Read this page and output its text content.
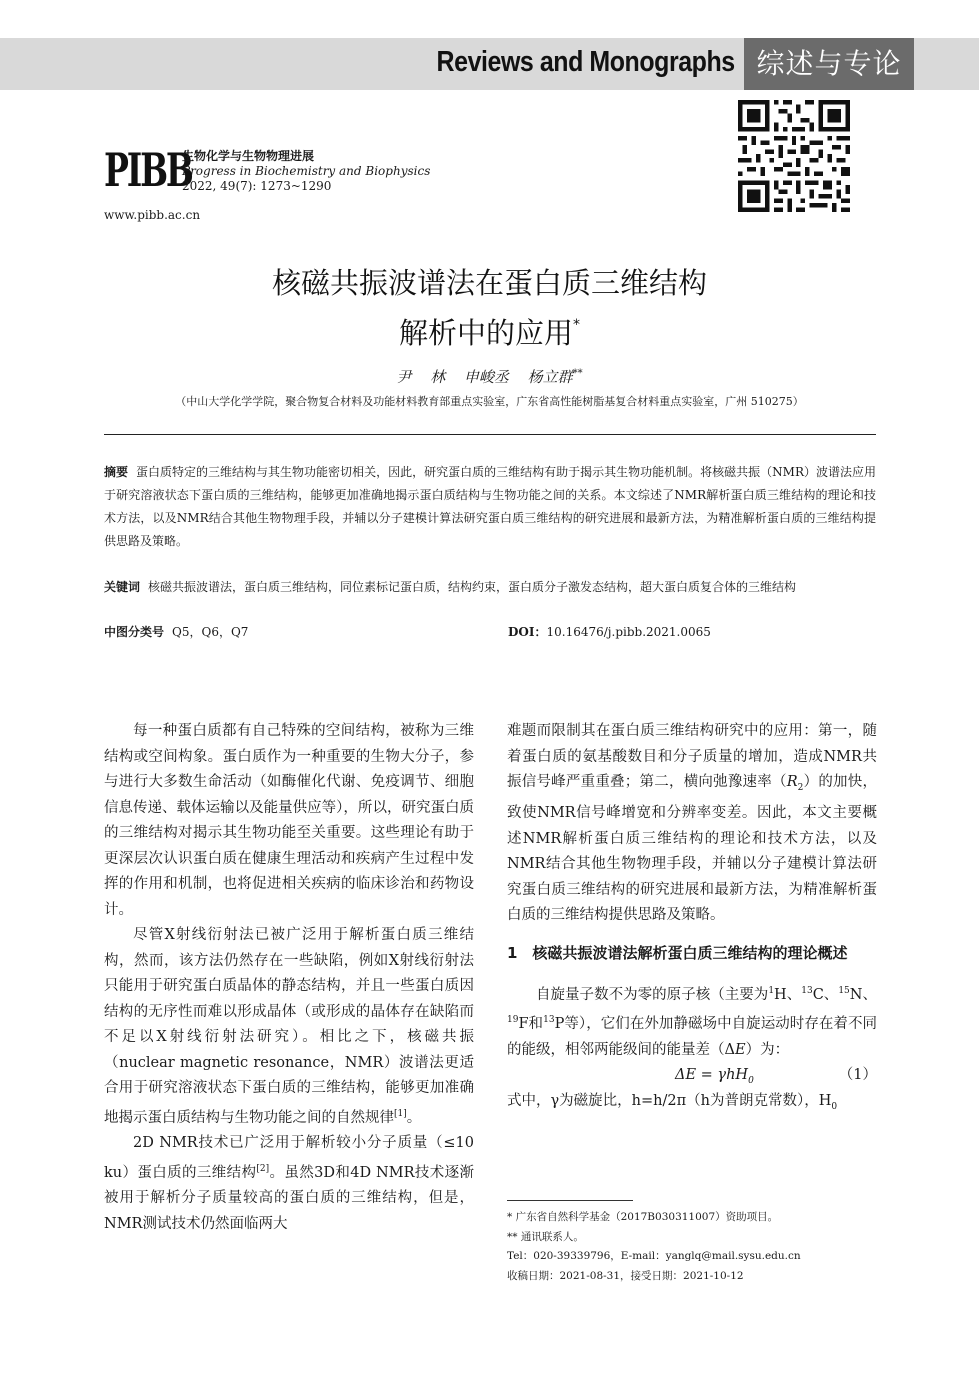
Reviews and Monographs 综述与专论
PIBB
生物化学与生物物理进展
Progress in Biochemistry and Biophysics
2022, 49(7): 1273~1290
www.pibb.ac.cn
核磁共振波谱法在蛋白质三维结构
解析中的应用*
尹 林 申峻丞 杨立群**
（中山大学化学学院，聚合物复合材料及功能材料教育部重点实验室，广东省高性能树脂基复合材料重点实验室，广州 510275）
摘要 蛋白质特定的三维结构与其生物功能密切相关，因此，研究蛋白质的三维结构有助于揭示其生物功能机制。将核磁共振（NMR）波谱法应用于研究溶液状态下蛋白质的三维结构，能够更加准确地揭示蛋白质结构与生物功能之间的关系。本文综述了NMR解析蛋白质三维结构的理论和技术方法，以及NMR结合其他生物物理手段，并辅以分子建模计算法研究蛋白质三维结构的研究进展和最新方法，为精准解析蛋白质的三维结构提供思路及策略。
关键词 核磁共振波谱法，蛋白质三维结构，同位素标记蛋白质，结构约束，蛋白质分子激发态结构，超大蛋白质复合体的三维结构
中图分类号 Q5，Q6，Q7	DOI：10.16476/j.pibb.2021.0065

每一种蛋白质都有自己特殊的空间结构，被称为三维结构或空间构象。蛋白质作为一种重要的生物大分子，参与进行大多数生命活动（如酶催化代谢、免疫调节、细胞信息传递、载体运输以及能量供应等），所以，研究蛋白质的三维结构对揭示其生物功能至关重要。这些理论有助于更深层次认识蛋白质在健康生理活动和疾病产生过程中发挥的作用和机制，也将促进相关疾病的临床诊治和药物设计。

尽管X射线衍射法已被广泛用于解析蛋白质三维结构，然而，该方法仍然存在一些缺陷，例如X射线衍射法只能用于研究蛋白质晶体的静态结构，并且一些蛋白质因结构的无序性而难以形成晶体（或形成的晶体存在缺陷而不足以X射线衍射法研究）。相比之下，核磁共振（nuclear magnetic resonance，NMR）波谱法更适合用于研究溶液状态下蛋白质的三维结构，能够更加准确地揭示蛋白质结构与生物功能之间的自然规律[1]。

2D NMR技术已广泛用于解析较小分子质量（≤10 ku）蛋白质的三维结构[2]。虽然3D和4D NMR技术逐渐被用于解析分子质量较高的蛋白质的三维结构，但是，NMR测试技术仍然面临两大

难题而限制其在蛋白质三维结构研究中的应用：第一，随着蛋白质的氨基酸数目和分子质量的增加，造成NMR共振信号峰严重重叠；第二，横向弛豫速率$(R_2)$的加快，致使NMR信号峰增宽和分辨率变差。因此，本文主要概述NMR解析蛋白质三维结构的理论和技术方法，以及NMR结合其他生物物理手段，并辅以分子建模计算法研究蛋白质三维结构的研究进展和最新方法，为精准解析蛋白质的三维结构提供思路及策略。

1　核磁共振波谱法解析蛋白质三维结构的理论概述

自旋量子数不为零的原子核（主要为$^1$H、$^{13}$C、$^{15}$N、$^{19}$F和$^{13}$P等），它们在外加静磁场中自旋运动时存在着不同的能级，相邻两能级间的能量差（ΔE）为：

ΔE = γhH$_0$	（1）

式中，γ为磁旋比，h=h/2π（h为普朗克常数），$H_0$

* 广东省自然科学基金（2017B030311007）资助项目。
** 通讯联系人。
Tel：020-39339796，E-mail：yanglq@mail.sysu.edu.cn
收稿日期：2021-08-31，接受日期：2021-10-12
